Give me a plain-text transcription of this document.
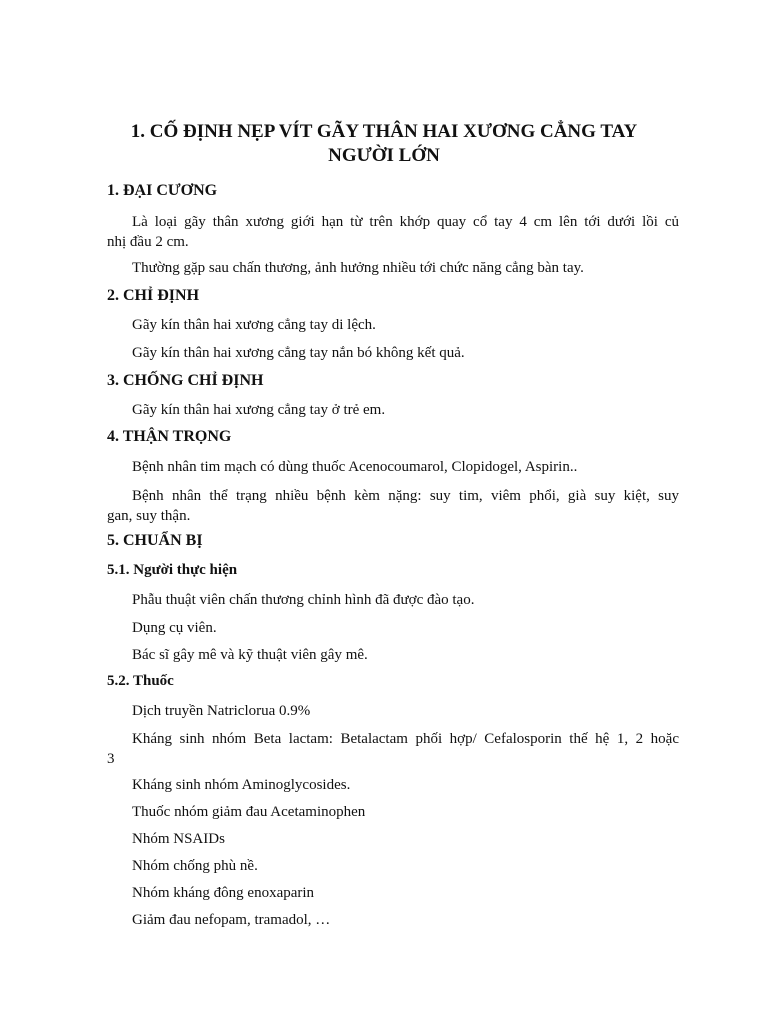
1. CỐ ĐỊNH NẸP VÍT GÃY THÂN HAI XƯƠNG CẲNG TAY
NGƯỜI LỚN
1. ĐẠI CƯƠNG
Là loại gãy thân xương giới hạn từ trên khớp quay cổ tay 4 cm lên tới dưới lồi củ
nhị đầu 2 cm.
Thường gặp sau chấn thương, ảnh hưởng nhiều tới chức năng cẳng bàn tay.
2. CHỈ ĐỊNH
Gãy kín thân hai xương cẳng tay di lệch.
Gãy kín thân hai xương cẳng tay nắn bó không kết quả.
3. CHỐNG CHỈ ĐỊNH
Gãy kín thân hai xương cẳng tay ở trẻ em.
4. THẬN TRỌNG
Bệnh nhân tim mạch có dùng thuốc Acenocoumarol, Clopidogel, Aspirin..
Bệnh nhân thể trạng nhiều bệnh kèm nặng: suy tim, viêm phổi, già suy kiệt, suy
gan, suy thận.
5. CHUẨN BỊ
5.1. Người thực hiện
Phẫu thuật viên chấn thương chỉnh hình đã được đào tạo.
Dụng cụ viên.
Bác sĩ gây mê và kỹ thuật viên gây mê.
5.2. Thuốc
Dịch truyền Natriclorua 0.9%
Kháng sinh nhóm Beta lactam: Betalactam phối hợp/ Cefalosporin thế hệ 1, 2 hoặc
3
Kháng sinh nhóm Aminoglycosides.
Thuốc nhóm giảm đau Acetaminophen
Nhóm NSAIDs
Nhóm chống phù nề.
Nhóm kháng đông enoxaparin
Giảm đau nefopam, tramadol, …
